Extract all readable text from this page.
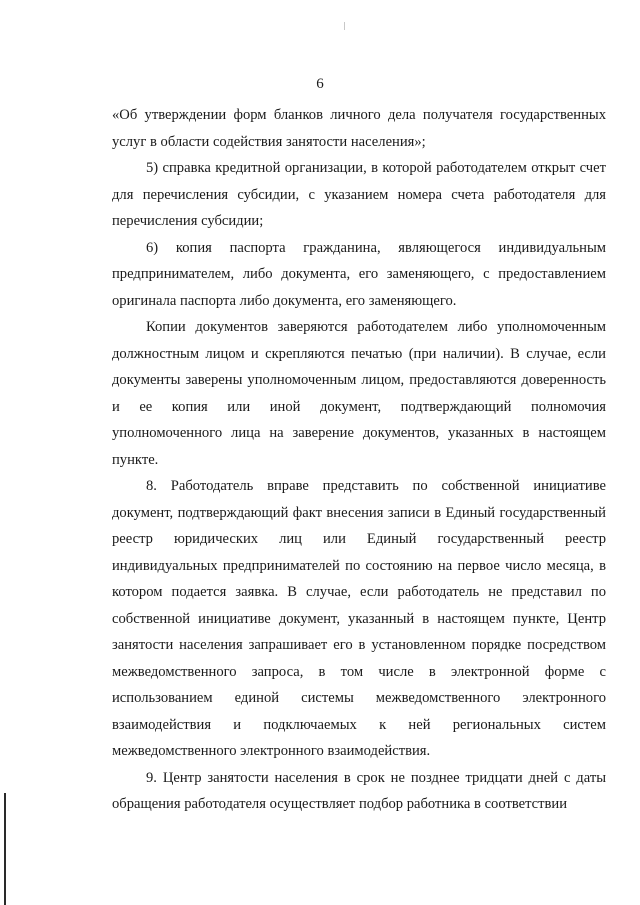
6

«Об утверждении форм бланков личного дела получателя государственных услуг в области содействия занятости населения»;

5) справка кредитной организации, в которой работодателем открыт счет для перечисления субсидии, с указанием номера счета работодателя для перечисления субсидии;

6) копия паспорта гражданина, являющегося индивидуальным предпринимателем, либо документа, его заменяющего, с предоставлением оригинала паспорта либо документа, его заменяющего.

Копии документов заверяются работодателем либо уполномоченным должностным лицом и скрепляются печатью (при наличии). В случае, если документы заверены уполномоченным лицом, предоставляются доверенность и ее копия или иной документ, подтверждающий полномочия уполномоченного лица на заверение документов, указанных в настоящем пункте.

8. Работодатель вправе представить по собственной инициативе документ, подтверждающий факт внесения записи в Единый государственный реестр юридических лиц или Единый государственный реестр индивидуальных предпринимателей по состоянию на первое число месяца, в котором подается заявка. В случае, если работодатель не представил по собственной инициативе документ, указанный в настоящем пункте, Центр занятости населения запрашивает его в установленном порядке посредством межведомственного запроса, в том числе в электронной форме с использованием единой системы межведомственного электронного взаимодействия и подключаемых к ней региональных систем межведомственного электронного взаимодействия.

9. Центр занятости населения в срок не позднее тридцати дней с даты обращения работодателя осуществляет подбор работника в соответствии
